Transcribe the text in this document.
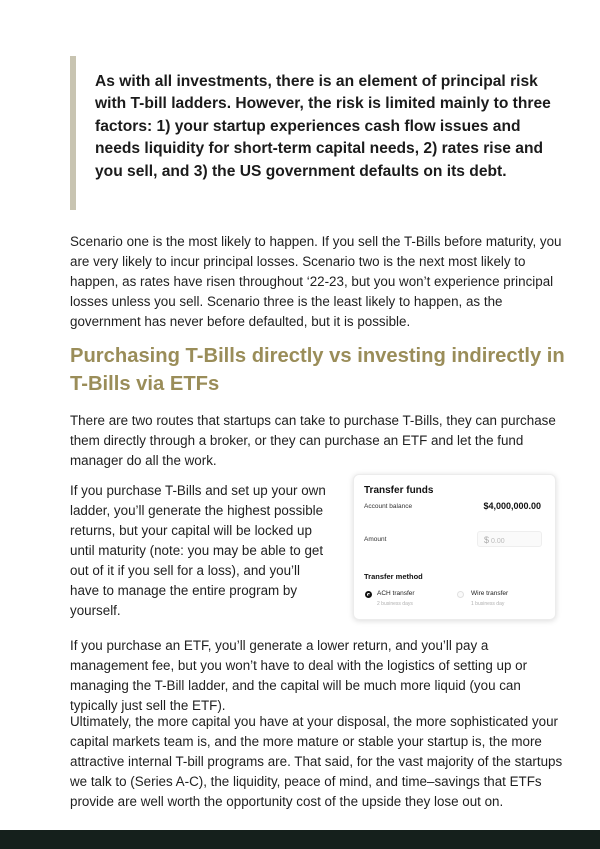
As with all investments, there is an element of principal risk with T-bill ladders. However, the risk is limited mainly to three factors: 1) your startup experiences cash flow issues and needs liquidity for short-term capital needs, 2) rates rise and you sell, and 3) the US government defaults on its debt.

Scenario one is the most likely to happen. If you sell the T-Bills before maturity, you are very likely to incur principal losses. Scenario two is the next most likely to happen, as rates have risen throughout ‘22-23, but you won’t experience principal losses unless you sell. Scenario three is the least likely to happen, as the government has never before defaulted, but it is possible.

Purchasing T-Bills directly vs investing indirectly in T-Bills via ETFs

There are two routes that startups can take to purchase T-Bills, they can purchase them directly through a broker, or they can purchase an ETF and let the fund manager do all the work.

If you purchase T-Bills and set up your own ladder, you’ll generate the highest possible returns, but your capital will be locked up until maturity (note: you may be able to get out of it if you sell for a loss), and you’ll have to manage the entire program by yourself.

Transfer funds
Account balance	$4,000,000.00
Amount	$ 0.00
Transfer method
ACH transfer
2 business days
Wire transfer
1 business day

If you purchase an ETF, you’ll generate a lower return, and you’ll pay a management fee, but you won’t have to deal with the logistics of setting up or managing the T-Bill ladder, and the capital will be much more liquid (you can typically just sell the ETF).

Ultimately, the more capital you have at your disposal, the more sophisticated your capital markets team is, and the more mature or stable your startup is, the more attractive internal T-bill programs are. That said, for the vast majority of the startups we talk to (Series A-C), the liquidity, peace of mind, and time–savings that ETFs provide are well worth the opportunity cost of the upside they lose out on.
